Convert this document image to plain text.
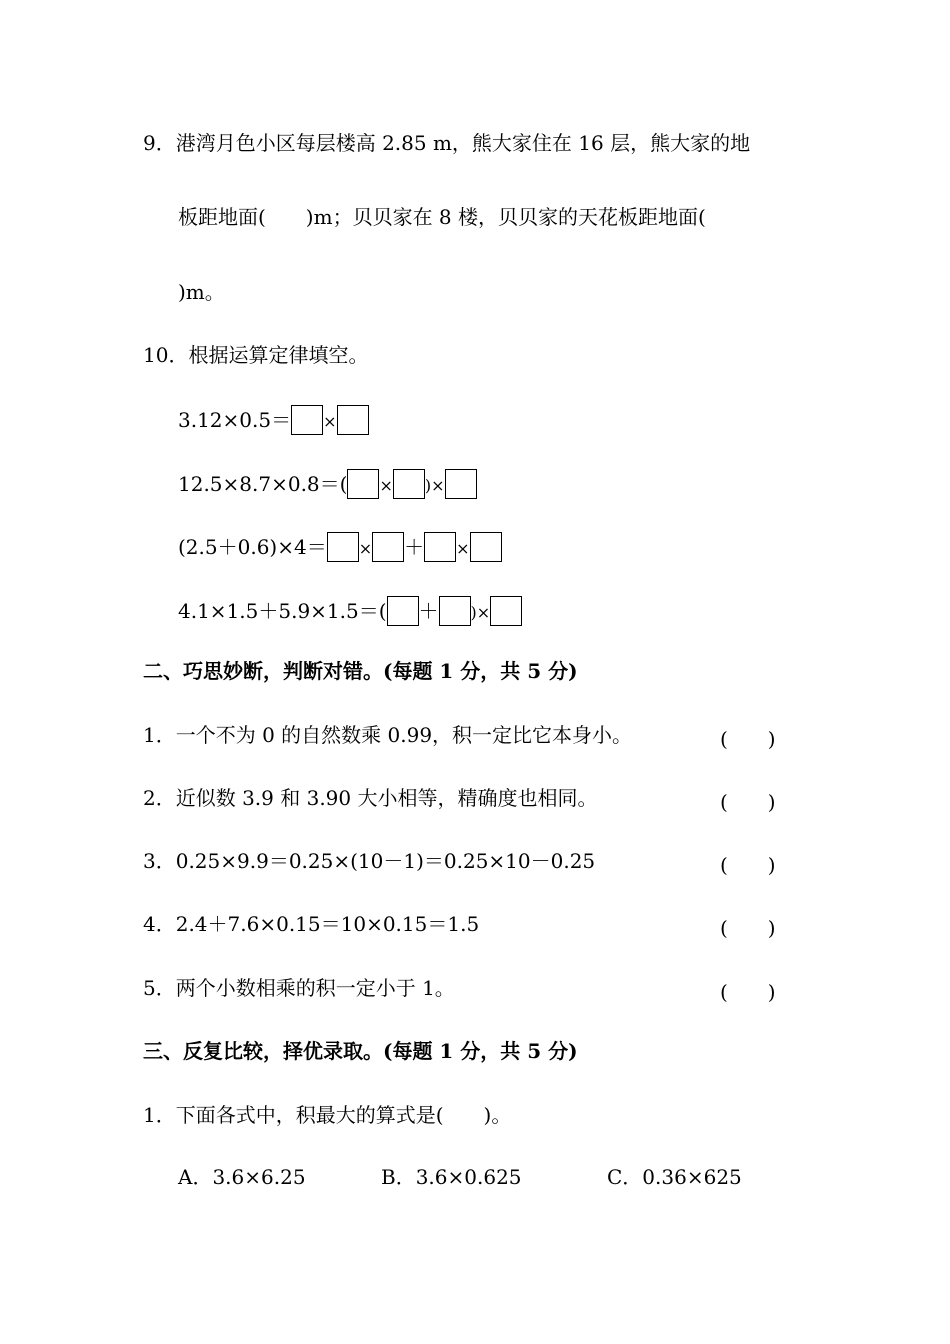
9．港湾月色小区每层楼高 2.85 m，熊大家住在 16 层，熊大家的地
板距地面(　　)m；贝贝家在 8 楼，贝贝家的天花板距地面(
)m。
10．根据运算定律填空。
3.12×0.5＝ ×
12.5×8.7×0.8＝( × )×
(2.5＋0.6)×4＝ × ＋ ×
4.1×1.5＋5.9×1.5＝( ＋ )×
二、巧思妙断，判断对错。(每题 1 分，共 5 分)
1．一个不为 0 的自然数乘 0.99，积一定比它本身小。	(　　)
2．近似数 3.9 和 3.90 大小相等，精确度也相同。	(　　)
3．0.25×9.9＝0.25×(10－1)＝0.25×10－0.25	(　　)
4．2.4＋7.6×0.15＝10×0.15＝1.5	(　　)
5．两个小数相乘的积一定小于 1。	(　　)
三、反复比较，择优录取。(每题 1 分，共 5 分)
1．下面各式中，积最大的算式是(　　)。
A．3.6×6.25	B．3.6×0.625	C．0.36×625
